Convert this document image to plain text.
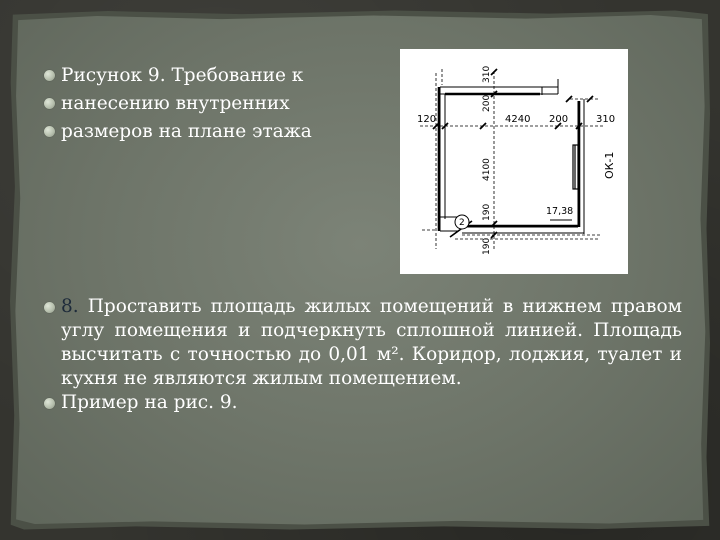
Рисунок 9. Требование к
нанесению внутренних
размеров на плане этажа
120	4240 200	310
17,38
2
310
200
4100
190
190
ОК-1
8. Проставить площадь жилых помещений в нижнем правом углу помещения и подчеркнуть сплошной линией. Площадь высчитать с точностью до 0,01 м². Коридор, лоджия, туалет и кухня не являются жилым помещением.
Пример на рис. 9.
